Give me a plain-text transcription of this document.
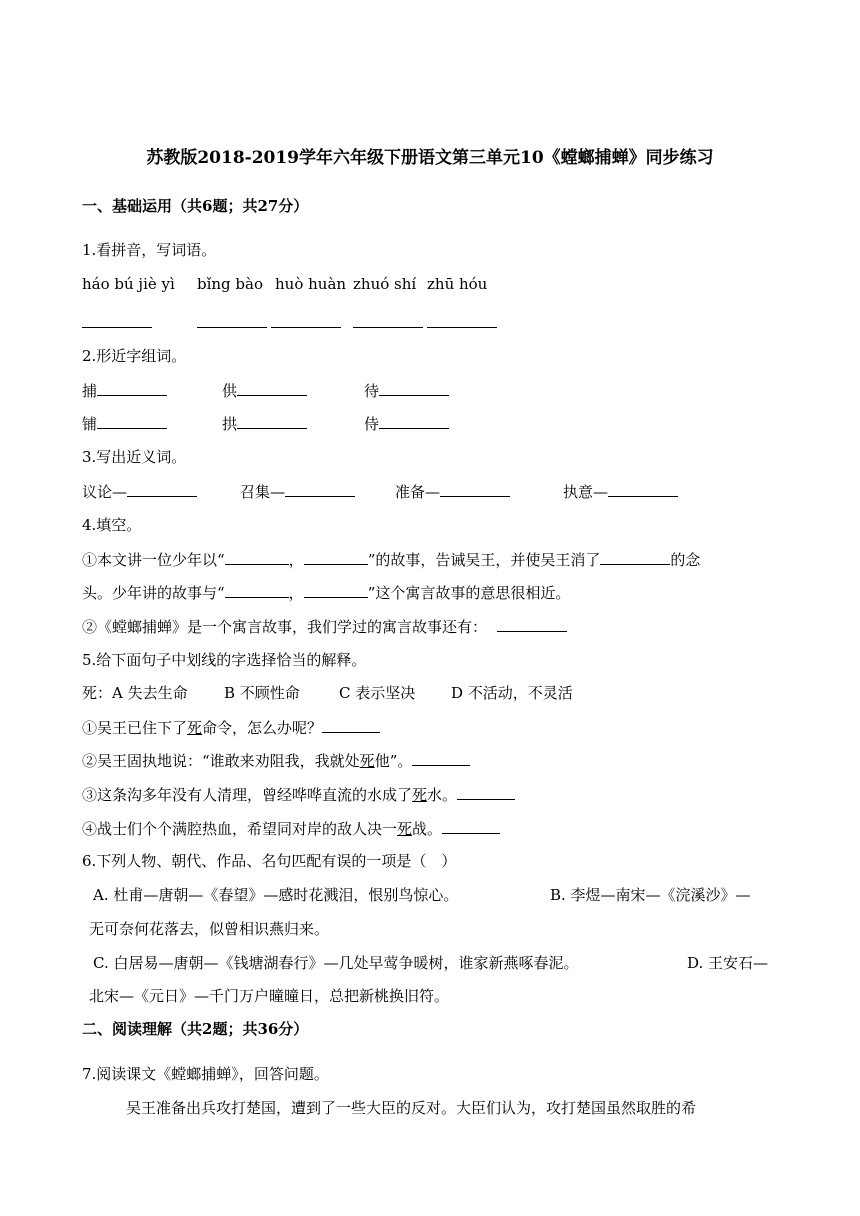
苏教版2018-2019学年六年级下册语文第三单元10《螳螂捕蝉》同步练习
一、基础运用（共6题；共27分）
1.看拼音，写词语。
háo bú jiè yì bǐng bào huò huàn zhuó shí zhū hóu
2.形近字组词。
捕	供	待
铺	拱	侍
3.写出近义词。
议论—	召集—	准备—	执意—
4.填空。
①本文讲一位少年以“	，	”的故事，告诫吴王，并使吴王消了	的念
头。少年讲的故事与“	，	”这个寓言故事的意思很相近。
②《螳螂捕蝉》是一个寓言故事，我们学过的寓言故事还有：
5.给下面句子中划线的字选择恰当的解释。
死：A 失去生命 B 不顾性命	C 表示坚决 D 不活动，不灵活
①吴王已住下了死命令，怎么办呢？
②吴王固执地说：“谁敢来劝阻我，我就处死他”。
③这条沟多年没有人清理，曾经哗哗直流的水成了死水。
④战士们个个满腔热血，希望同对岸的敌人决一死战。
6.下列人物、朝代、作品、名句匹配有误的一项是（　）
A. 杜甫—唐朝—《春望》—感时花溅泪，恨别鸟惊心。	B. 李煜—南宋—《浣溪沙》—
无可奈何花落去，似曾相识燕归来。
C. 白居易—唐朝—《钱塘湖春行》—几处早莺争暖树，谁家新燕啄春泥。	D. 王安石—
北宋—《元日》—千门万户曈曈日，总把新桃换旧符。
二、阅读理解（共2题；共36分）
7.阅读课文《螳螂捕蝉》，回答问题。
吴王准备出兵攻打楚国，遭到了一些大臣的反对。大臣们认为，攻打楚国虽然取胜的希
